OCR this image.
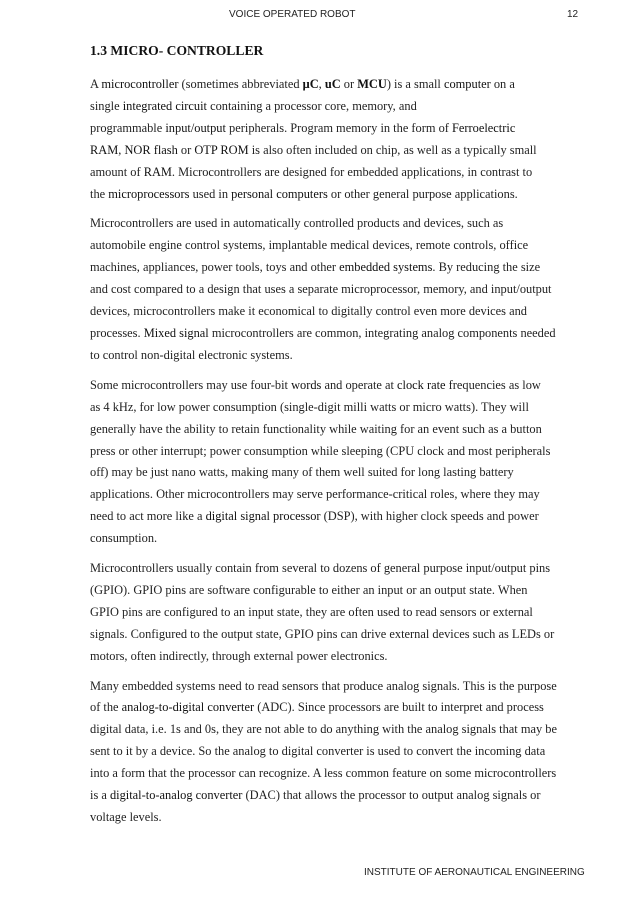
VOICE OPERATED ROBOT	12
1.3 MICRO- CONTROLLER

A microcontroller (sometimes abbreviated μC, uC or MCU) is a small computer on a
single integrated circuit containing a processor core, memory, and
programmable input/output peripherals. Program memory in the form of Ferroelectric
RAM, NOR flash or OTP ROM is also often included on chip, as well as a typically small
amount of RAM. Microcontrollers are designed for embedded applications, in contrast to
the microprocessors used in personal computers or other general purpose applications.

Microcontrollers are used in automatically controlled products and devices, such as
automobile engine control systems, implantable medical devices, remote controls, office
machines, appliances, power tools, toys and other embedded systems. By reducing the size
and cost compared to a design that uses a separate microprocessor, memory, and input/output
devices, microcontrollers make it economical to digitally control even more devices and
processes. Mixed signal microcontrollers are common, integrating analog components needed
to control non-digital electronic systems.

Some microcontrollers may use four-bit words and operate at clock rate frequencies as low
as 4 kHz, for low power consumption (single-digit milli watts or micro watts). They will
generally have the ability to retain functionality while waiting for an event such as a button
press or other interrupt; power consumption while sleeping (CPU clock and most peripherals
off) may be just nano watts, making many of them well suited for long lasting battery
applications. Other microcontrollers may serve performance-critical roles, where they may
need to act more like a digital signal processor (DSP), with higher clock speeds and power
consumption.

Microcontrollers usually contain from several to dozens of general purpose input/output pins
(GPIO). GPIO pins are software configurable to either an input or an output state. When
GPIO pins are configured to an input state, they are often used to read sensors or external
signals. Configured to the output state, GPIO pins can drive external devices such as LEDs or
motors, often indirectly, through external power electronics.

Many embedded systems need to read sensors that produce analog signals. This is the purpose
of the analog-to-digital converter (ADC). Since processors are built to interpret and process
digital data, i.e. 1s and 0s, they are not able to do anything with the analog signals that may be
sent to it by a device. So the analog to digital converter is used to convert the incoming data
into a form that the processor can recognize. A less common feature on some microcontrollers
is a digital-to-analog converter (DAC) that allows the processor to output analog signals or
voltage levels.

INSTITUTE OF AERONAUTICAL ENGINEERING
